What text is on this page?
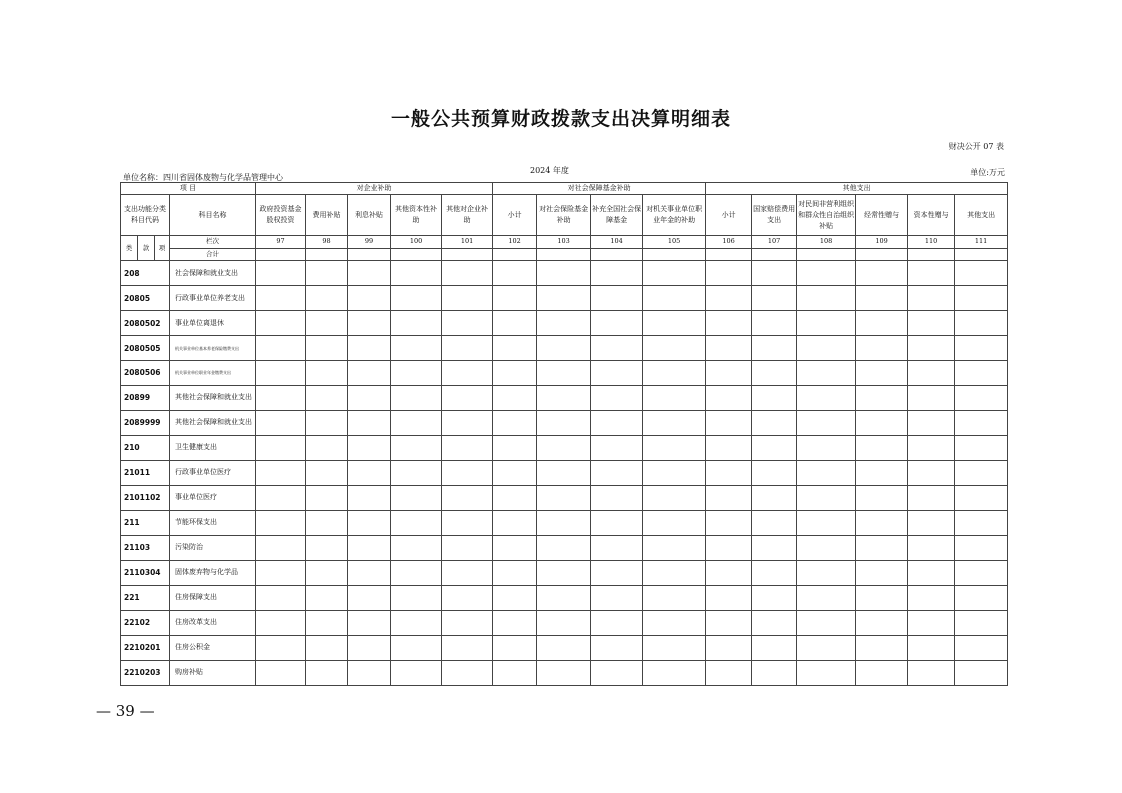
一般公共预算财政拨款支出决算明细表
财决公开 07 表
单位名称：四川省固体废物与化学品管理中心
2024 年度	单位:万元
项 目				对企业补助					对社会保障基金补助				其他支出					
支出功能分类科目代码			科目名称	政府投资基金股权投资	费用补贴	利息补贴	其他资本性补助	其他对企业补助	小计	对社会保险基金补助	补充全国社会保障基金	对机关事业单位职业年金的补助	小计	国家赔偿费用支出	对民间非营利组织和群众性自治组织补贴	经常性赠与	资本性赠与	其他支出
类	款	项	栏次	97	98	99	100	101	102	103	104	105	106	107	108	109	110	111
			合计															
208			社会保障和就业支出															
20805			行政事业单位养老支出															
2080502			事业单位离退休															
2080505			机关事业单位基本养老保险缴费支出															
2080506			机关事业单位职业年金缴费支出															
20899			其他社会保障和就业支出															
2089999			其他社会保障和就业支出															
210			卫生健康支出															
21011			行政事业单位医疗															
2101102			事业单位医疗															
211			节能环保支出															
21103			污染防治															
2110304			固体废弃物与化学品															
221			住房保障支出															
22102			住房改革支出															
2210201			住房公积金															
2210203			购房补贴															
— 39 —
